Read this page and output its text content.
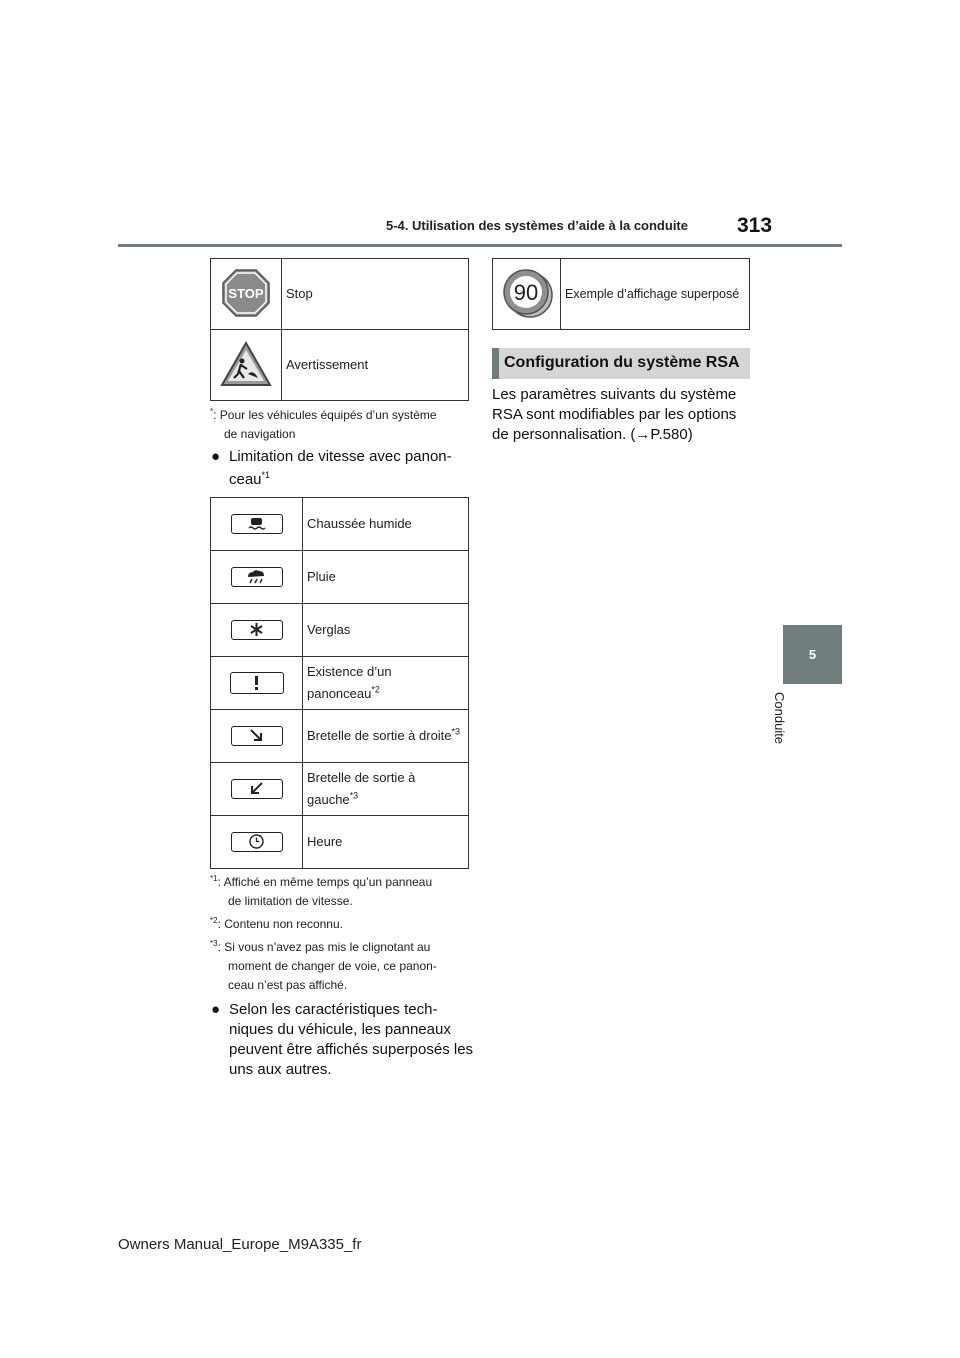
5-4. Utilisation des systèmes d’aide à la conduite 313
5
Conduite
STOP	Stop
	Avertissement
*: Pour les véhicules équipés d’un système
de navigation
● Limitation de vitesse avec panon-
ceau$^{*1}$
	Chaussée humide

	Pluie

	Verglas

	Existence d’un panonceau$^{*2}$

	Bretelle de sortie à droite$^{*3}$

Bretelle de sortie à
gauche$^{*3}$

	Heure
$^{*1}$: Affiché en même temps qu’un panneau
de limitation de vitesse.
$^{*2}$: Contenu non reconnu.
$^{*3}$: Si vous n’avez pas mis le clignotant au
moment de changer de voie, ce panon-
ceau n’est pas affiché.
● Selon les caractéristiques tech-
niques du véhicule, les panneaux
peuvent être affichés superposés les
uns aux autres.
90	Exemple d’affichage superposé
Configuration du système RSA
Les paramètres suivants du système
RSA sont modifiables par les options
de personnalisation. (→P.580)
Owners Manual_Europe_M9A335_fr
